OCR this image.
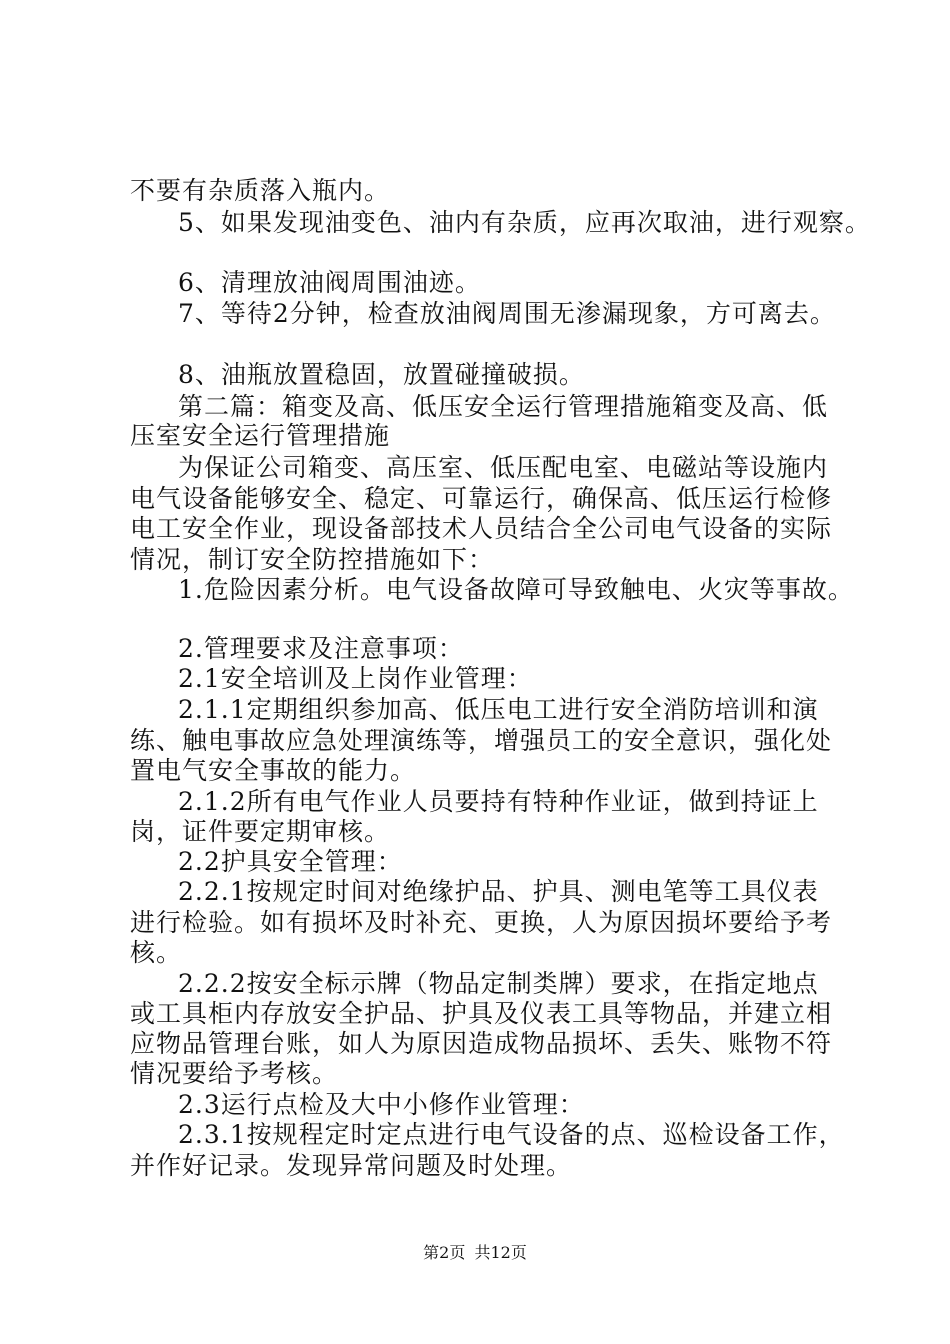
不要有杂质落入瓶内。
5、如果发现油变色、油内有杂质，应再次取油，进行观察。
6、清理放油阀周围油迹。
7、等待2分钟，检查放油阀周围无渗漏现象，方可离去。
8、油瓶放置稳固，放置碰撞破损。
第二篇：箱变及高、低压安全运行管理措施箱变及高、低
压室安全运行管理措施
为保证公司箱变、高压室、低压配电室、电磁站等设施内
电气设备能够安全、稳定、可靠运行，确保高、低压运行检修
电工安全作业，现设备部技术人员结合全公司电气设备的实际
情况，制订安全防控措施如下：
1.危险因素分析。电气设备故障可导致触电、火灾等事故。
2.管理要求及注意事项：
2.1安全培训及上岗作业管理：
2.1.1定期组织参加高、低压电工进行安全消防培训和演
练、触电事故应急处理演练等，增强员工的安全意识，强化处
置电气安全事故的能力。
2.1.2所有电气作业人员要持有特种作业证，做到持证上
岗，证件要定期审核。
2.2护具安全管理：
2.2.1按规定时间对绝缘护品、护具、测电笔等工具仪表
进行检验。如有损坏及时补充、更换，人为原因损坏要给予考
核。
2.2.2按安全标示牌（物品定制类牌）要求，在指定地点
或工具柜内存放安全护品、护具及仪表工具等物品，并建立相
应物品管理台账，如人为原因造成物品损坏、丢失、账物不符
情况要给予考核。
2.3运行点检及大中小修作业管理：
2.3.1按规程定时定点进行电气设备的点、巡检设备工作，
并作好记录。发现异常问题及时处理。
第2页 共12页
